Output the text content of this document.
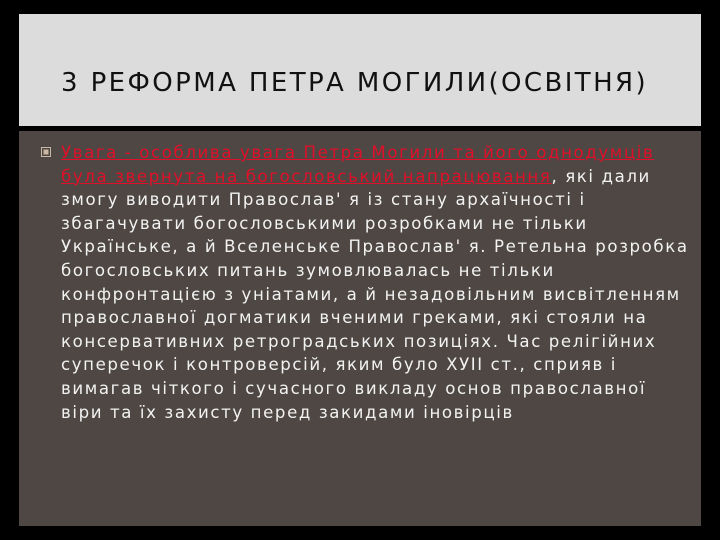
3 РЕФОРМА ПЕТРА МОГИЛИ(ОСВІТНЯ)

Увага - особлива увага Петра Могили та його однодумців була звернута на богословський напрацювання, які дали змогу виводити Православ' я із стану архаїчності і збагачувати богословськими розробками не тільки Українське, а й Вселенське Православ' я. Ретельна розробка богословських питань зумовлювалась не тільки конфронтацією з уніатами, а й незадовільним висвітленням православної догматики вченими греками, які стояли на консервативних ретроградських позиціях. Час релігійних суперечок і контроверсій, яким було ХУІІ ст., сприяв і вимагав чіткого і сучасного викладу основ православної віри та їх захисту перед закидами іновірців
